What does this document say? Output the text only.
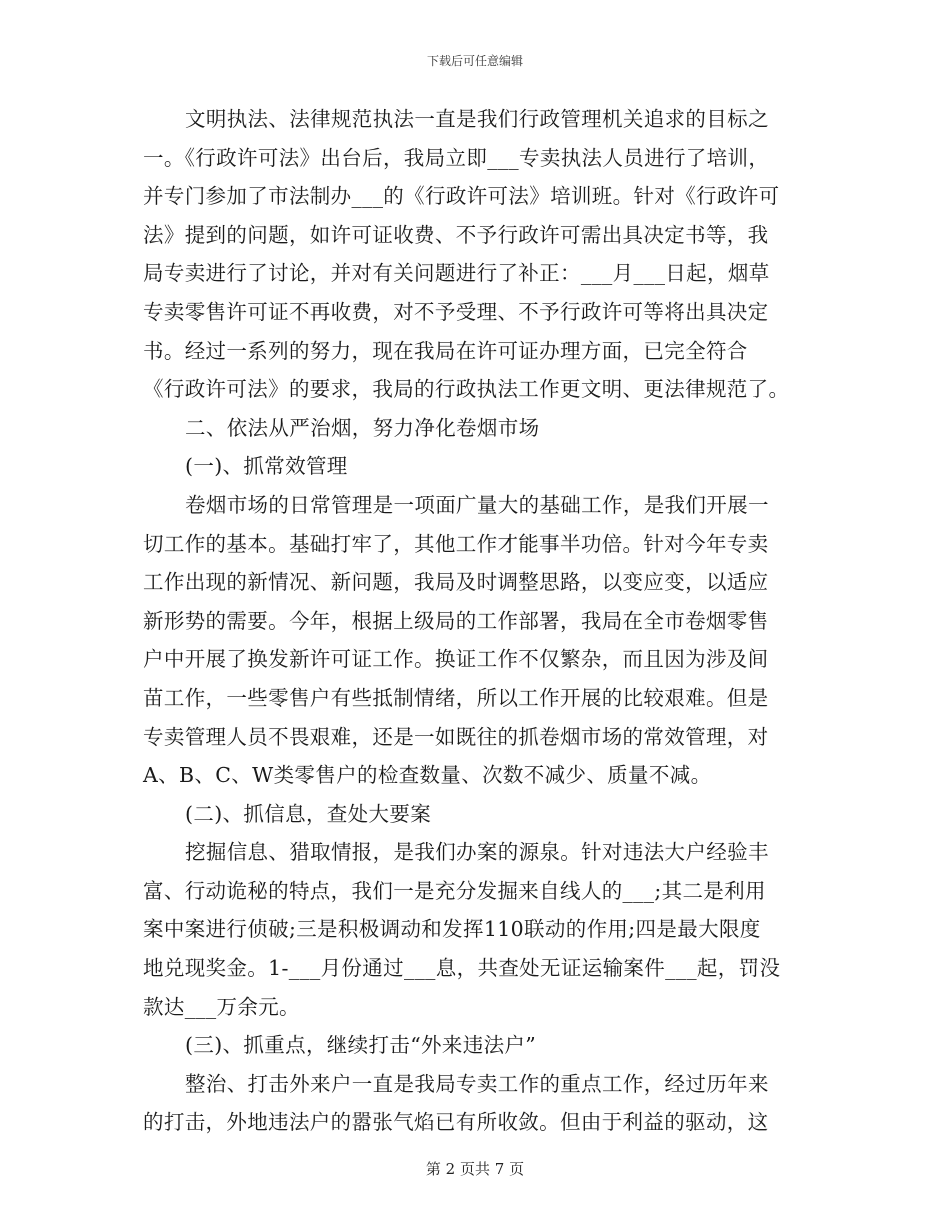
下载后可任意编辑
文明执法、法律规范执法一直是我们行政管理机关追求的目标之
一。《行政许可法》出台后，我局立即___专卖执法人员进行了培训，
并专门参加了市法制办___的《行政许可法》培训班。针对《行政许可
法》提到的问题，如许可证收费、不予行政许可需出具决定书等，我
局专卖进行了讨论，并对有关问题进行了补正：___月___日起，烟草
专卖零售许可证不再收费，对不予受理、不予行政许可等将出具决定
书。经过一系列的努力，现在我局在许可证办理方面，已完全符合
《行政许可法》的要求，我局的行政执法工作更文明、更法律规范了。
二、依法从严治烟，努力净化卷烟市场
(一)、抓常效管理
卷烟市场的日常管理是一项面广量大的基础工作，是我们开展一
切工作的基本。基础打牢了，其他工作才能事半功倍。针对今年专卖
工作出现的新情况、新问题，我局及时调整思路，以变应变，以适应
新形势的需要。今年，根据上级局的工作部署，我局在全市卷烟零售
户中开展了换发新许可证工作。换证工作不仅繁杂，而且因为涉及间
苗工作，一些零售户有些抵制情绪，所以工作开展的比较艰难。但是
专卖管理人员不畏艰难，还是一如既往的抓卷烟市场的常效管理，对
A、B、C、W类零售户的检查数量、次数不减少、质量不减。
(二)、抓信息，查处大要案
挖掘信息、猎取情报，是我们办案的源泉。针对违法大户经验丰
富、行动诡秘的特点，我们一是充分发掘来自线人的___;其二是利用
案中案进行侦破;三是积极调动和发挥110联动的作用;四是最大限度
地兑现奖金。1-___月份通过___息，共查处无证运输案件___起，罚没
款达___万余元。
(三)、抓重点，继续打击“外来违法户”
整治、打击外来户一直是我局专卖工作的重点工作，经过历年来
的打击，外地违法户的嚣张气焰已有所收敛。但由于利益的驱动，这
第 2 页共 7 页
